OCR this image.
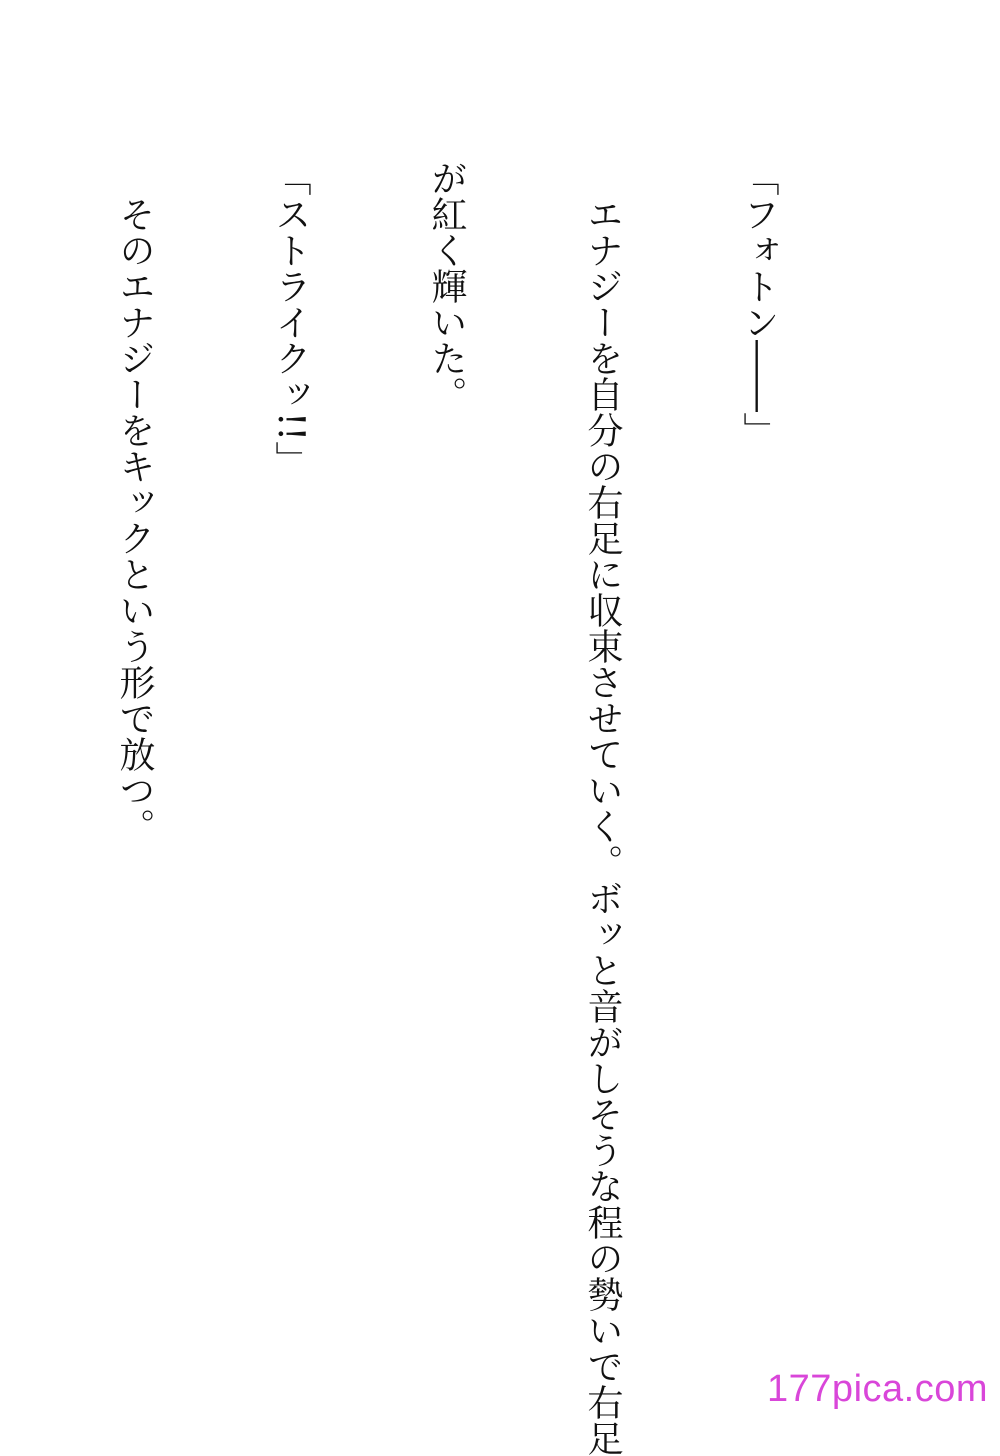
「フォトン――」

　エナジーを自分の右足に収束させていく。ボッと音がしそうな程の勢いで右足

が紅く輝いた。

「ストライクッ!!」

　そのエナジーをキックという形で放つ。

177pica.com
